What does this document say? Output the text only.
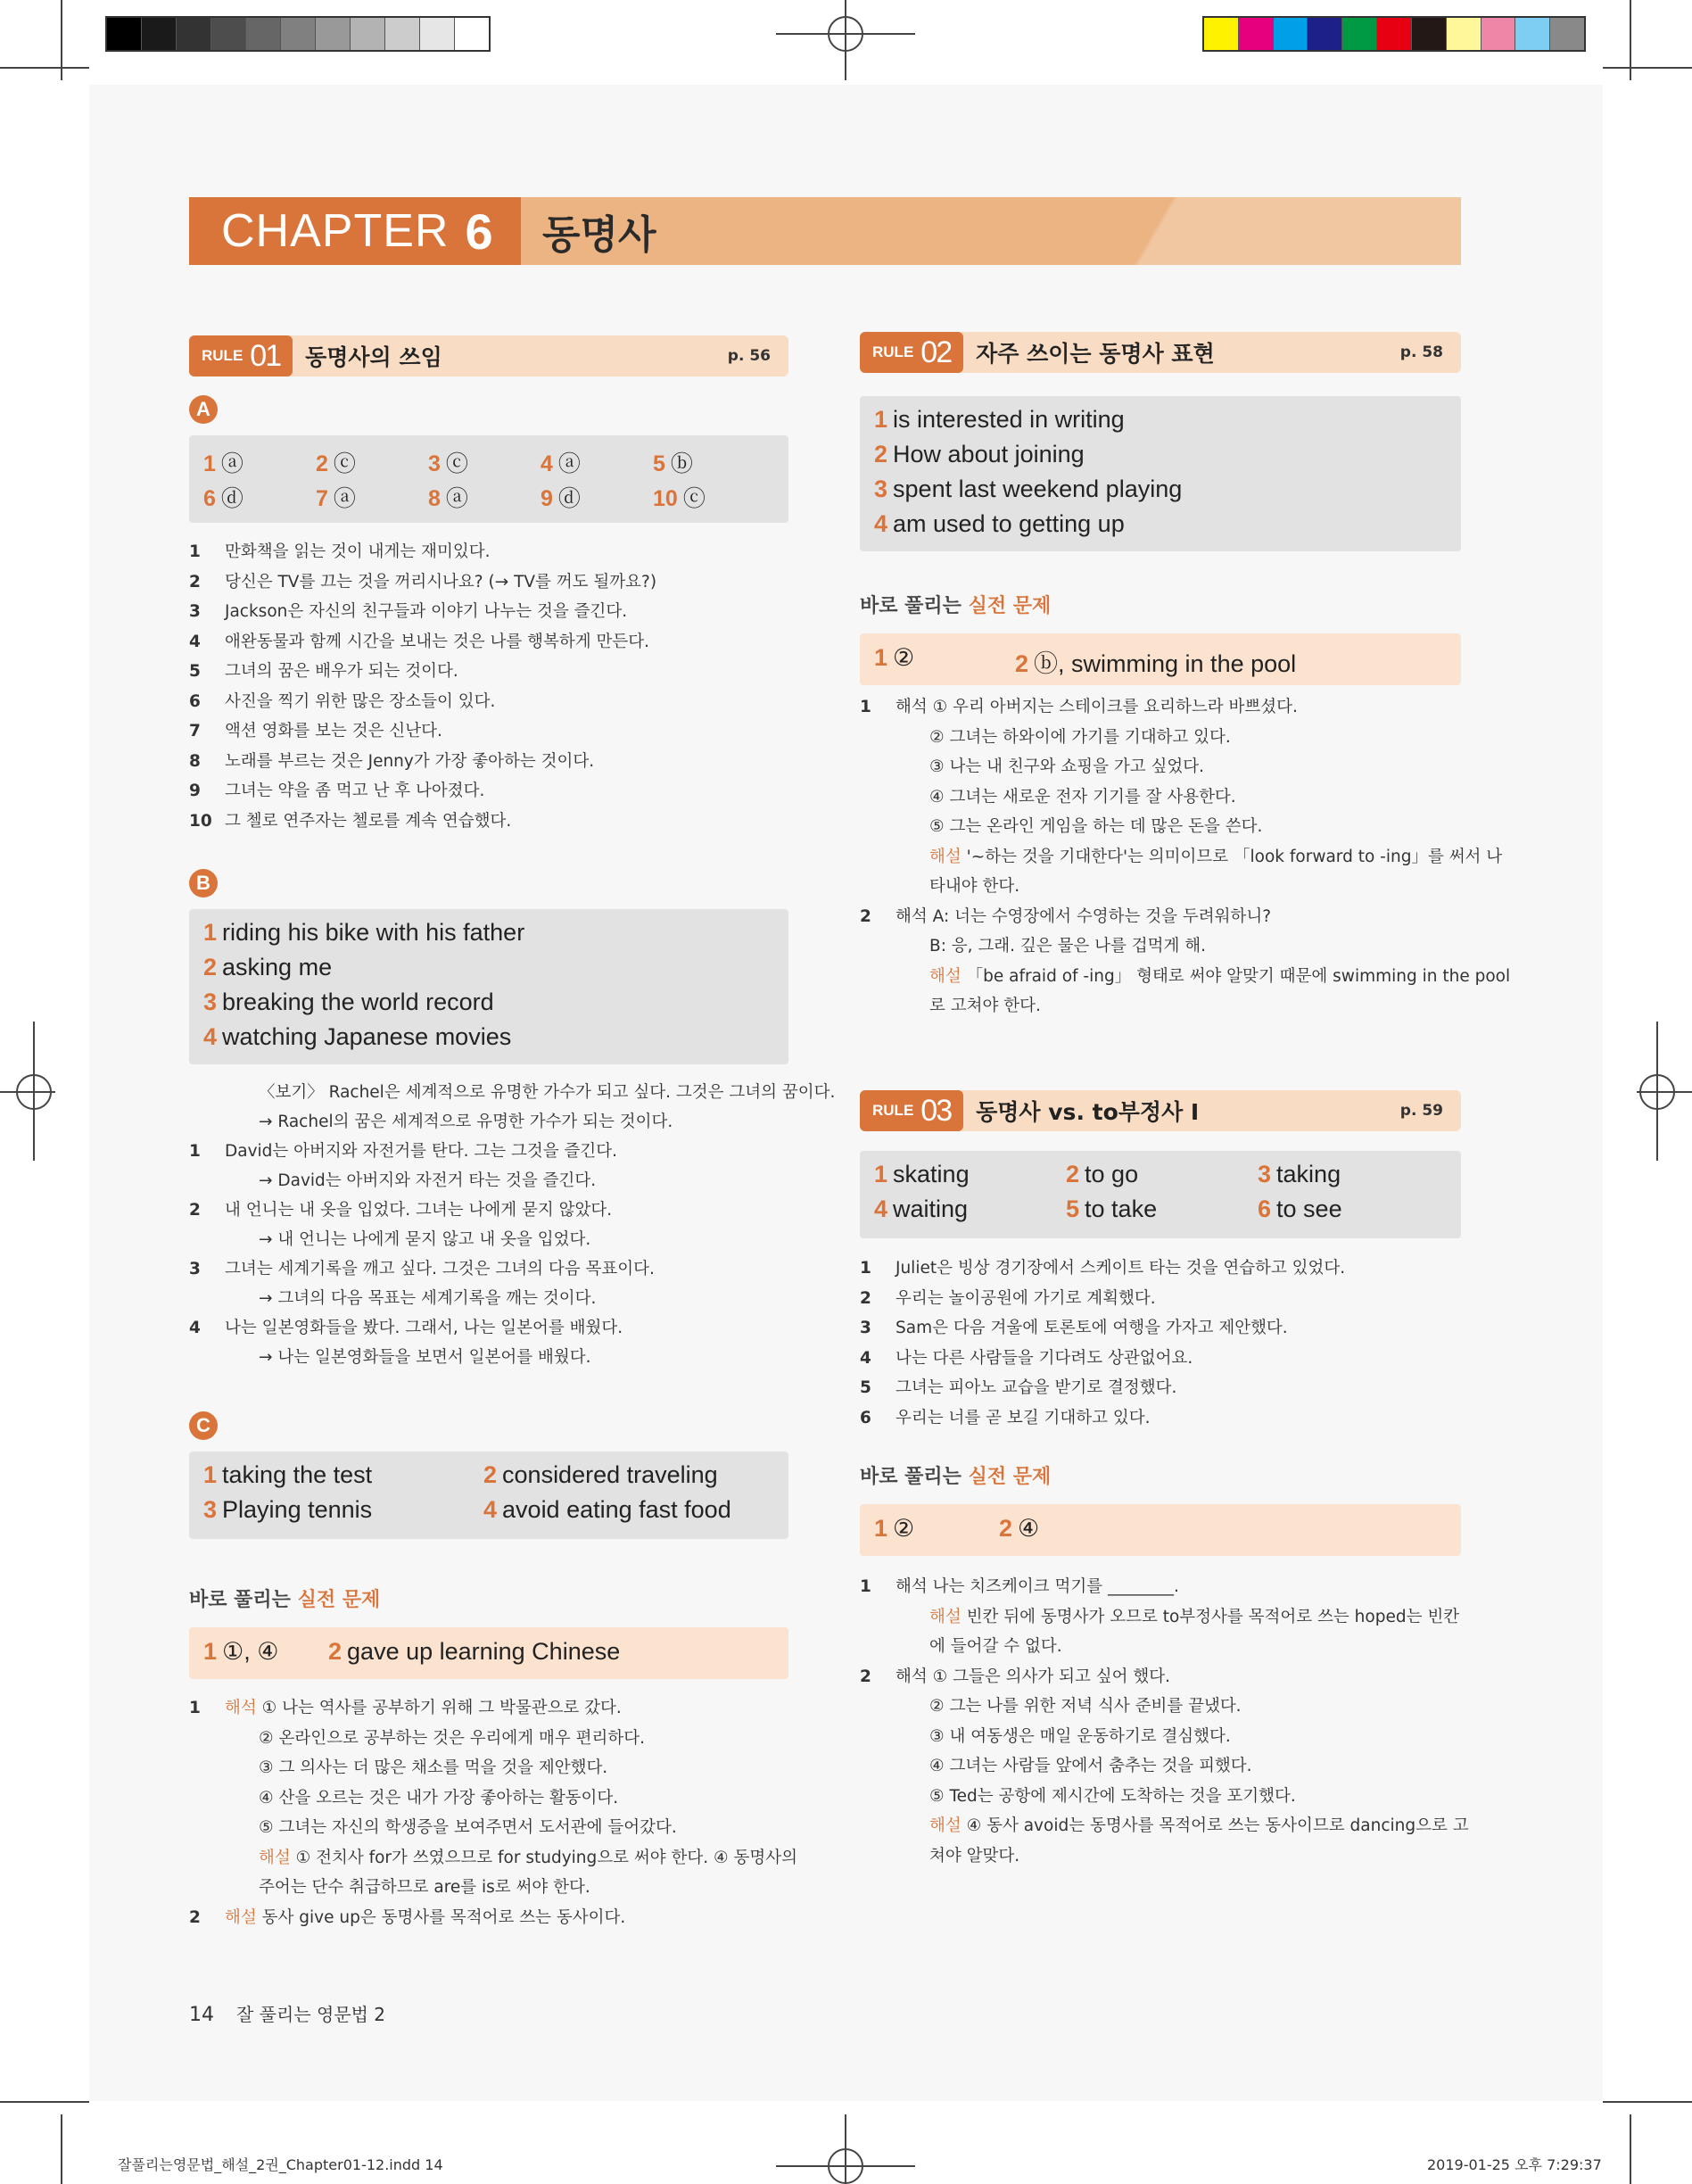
CHAPTER 6 동명사
RULE 01 동명사의 쓰임	p. 56
A
1 ⓐ	2 ⓒ	3 ⓒ	4 ⓐ	5 ⓑ
6 ⓓ	7 ⓐ	8 ⓐ	9 ⓓ	10 ⓒ
1 만화책을 읽는 것이 내게는 재미있다.
2 당신은 TV를 끄는 것을 꺼리시나요? (→ TV를 꺼도 될까요?)
3 Jackson은 자신의 친구들과 이야기 나누는 것을 즐긴다.
4 애완동물과 함께 시간을 보내는 것은 나를 행복하게 만든다.
5 그녀의 꿈은 배우가 되는 것이다.
6 사진을 찍기 위한 많은 장소들이 있다.
7 액션 영화를 보는 것은 신난다.
8 노래를 부르는 것은 Jenny가 가장 좋아하는 것이다.
9 그녀는 약을 좀 먹고 난 후 나아졌다.
10 그 첼로 연주자는 첼로를 계속 연습했다.
B
1 riding his bike with his father
2 asking me
3 breaking the world record
4 watching Japanese movies
〈보기〉 Rachel은 세계적으로 유명한 가수가 되고 싶다. 그것은 그녀의 꿈이다.
→ Rachel의 꿈은 세계적으로 유명한 가수가 되는 것이다.
1 David는 아버지와 자전거를 탄다. 그는 그것을 즐긴다.
→ David는 아버지와 자전거 타는 것을 즐긴다.
2 내 언니는 내 옷을 입었다. 그녀는 나에게 묻지 않았다.
→ 내 언니는 나에게 묻지 않고 내 옷을 입었다.
3 그녀는 세계기록을 깨고 싶다. 그것은 그녀의 다음 목표이다.
→ 그녀의 다음 목표는 세계기록을 깨는 것이다.
4 나는 일본영화들을 봤다. 그래서, 나는 일본어를 배웠다.
→ 나는 일본영화들을 보면서 일본어를 배웠다.
C
1 taking the test	2 considered traveling
3 Playing tennis	4 avoid eating fast food
바로 풀리는 실전 문제
1 ①, ④ 2 gave up learning Chinese
1 해석 ① 나는 역사를 공부하기 위해 그 박물관으로 갔다.
② 온라인으로 공부하는 것은 우리에게 매우 편리하다.
③ 그 의사는 더 많은 채소를 먹을 것을 제안했다.
④ 산을 오르는 것은 내가 가장 좋아하는 활동이다.
⑤ 그녀는 자신의 학생증을 보여주면서 도서관에 들어갔다.
해설 ① 전치사 for가 쓰였으므로 for studying으로 써야 한다. ④ 동명사의
주어는 단수 취급하므로 are를 is로 써야 한다.
2 해설 동사 give up은 동명사를 목적어로 쓰는 동사이다.
RULE 02 자주 쓰이는 동명사 표현	p. 58
1 is interested in writing
2 How about joining
3 spent last weekend playing
4 am used to getting up
바로 풀리는 실전 문제
1 ②	2 ⓑ, swimming in the pool
1 해석 ① 우리 아버지는 스테이크를 요리하느라 바쁘셨다.
② 그녀는 하와이에 가기를 기대하고 있다.
③ 나는 내 친구와 쇼핑을 가고 싶었다.
④ 그녀는 새로운 전자 기기를 잘 사용한다.
⑤ 그는 온라인 게임을 하는 데 많은 돈을 쓴다.
해설 '~하는 것을 기대한다'는 의미이므로 「look forward to -ing」를 써서 나
타내야 한다.
2 해석 A: 너는 수영장에서 수영하는 것을 두려워하니?
B: 응, 그래. 깊은 물은 나를 겁먹게 해.
해설 「be afraid of -ing」 형태로 써야 알맞기 때문에 swimming in the pool
로 고쳐야 한다.
RULE 03 동명사 vs. to부정사 Ⅰ	p. 59
1 skating	2 to go	3 taking
4 waiting	5 to take	6 to see
1 Juliet은 빙상 경기장에서 스케이트 타는 것을 연습하고 있었다.
2 우리는 놀이공원에 가기로 계획했다.
3 Sam은 다음 겨울에 토론토에 여행을 가자고 제안했다.
4 나는 다른 사람들을 기다려도 상관없어요.
5 그녀는 피아노 교습을 받기로 결정했다.
6 우리는 너를 곧 보길 기대하고 있다.
바로 풀리는 실전 문제
1 ②	2 ④
1 해석 나는 치즈케이크 먹기를 ________.
해설 빈칸 뒤에 동명사가 오므로 to부정사를 목적어로 쓰는 hoped는 빈칸
에 들어갈 수 없다.
2 해석 ① 그들은 의사가 되고 싶어 했다.
② 그는 나를 위한 저녁 식사 준비를 끝냈다.
③ 내 여동생은 매일 운동하기로 결심했다.
④ 그녀는 사람들 앞에서 춤추는 것을 피했다.
⑤ Ted는 공항에 제시간에 도착하는 것을 포기했다.
해설 ④ 동사 avoid는 동명사를 목적어로 쓰는 동사이므로 dancing으로 고
쳐야 알맞다.
14 잘 풀리는 영문법 2
잘풀리는영문법_해설_2권_Chapter01-12.indd 14	2019-01-25 오후 7:29:37
